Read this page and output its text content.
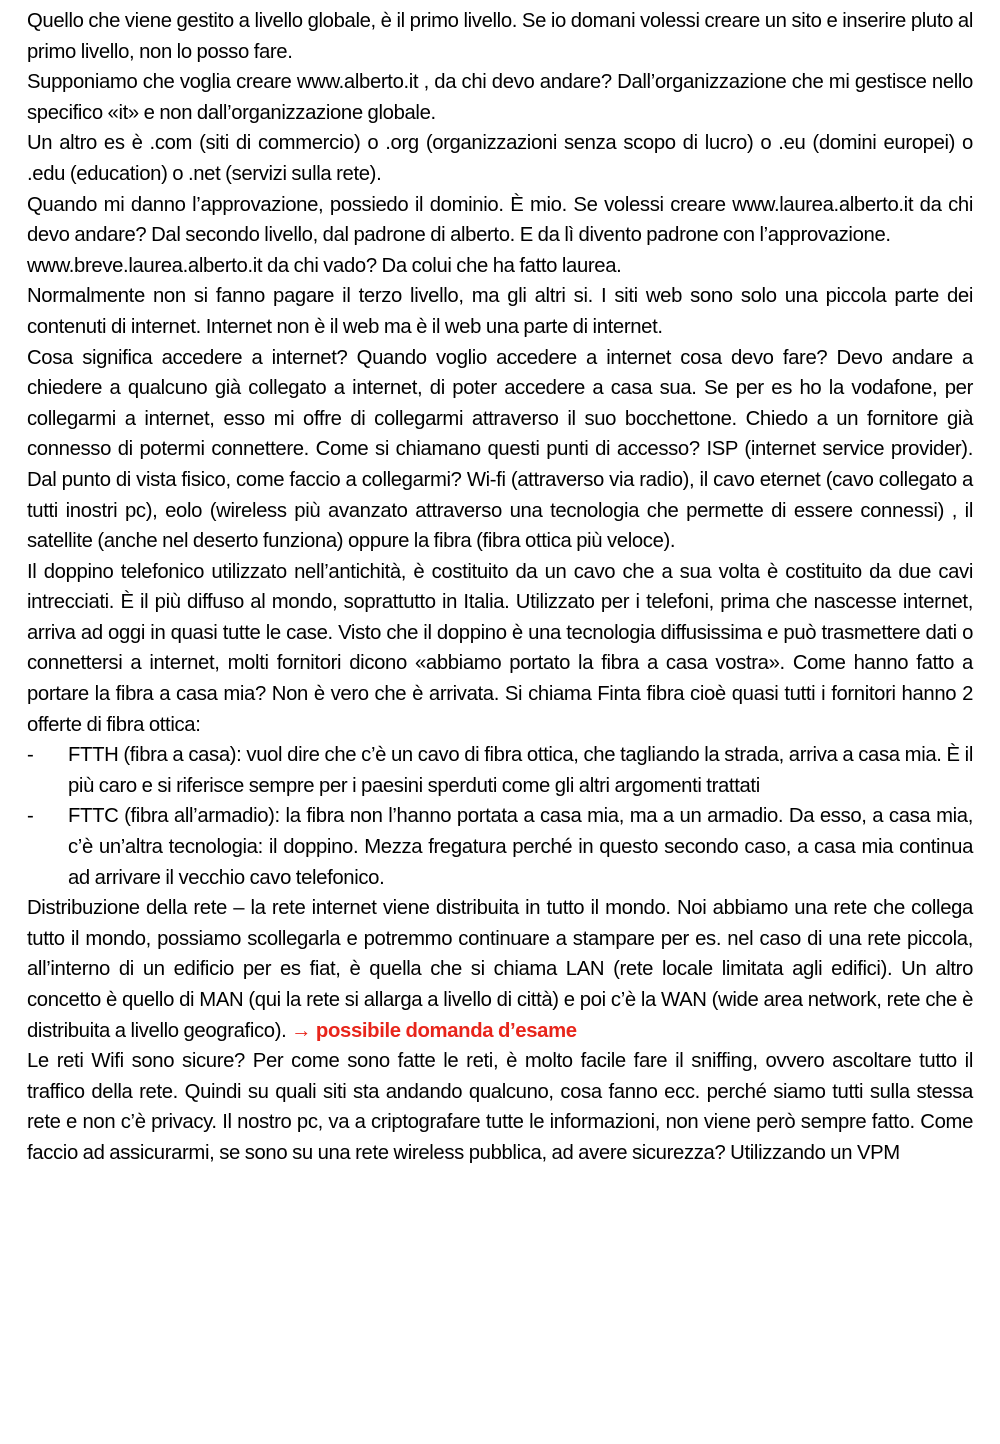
Quello che viene gestito a livello globale, è il primo livello. Se io domani volessi creare un sito e inserire pluto al primo livello, non lo posso fare.

Supponiamo che voglia creare www.alberto.it , da chi devo andare? Dall’organizzazione che mi gestisce nello specifico «it» e non dall’organizzazione globale.

Un altro es è .com (siti di commercio) o .org (organizzazioni senza scopo di lucro) o .eu (domini europei) o .edu (education) o .net (servizi sulla rete).

Quando mi danno l’approvazione, possiedo il dominio. È mio. Se volessi creare www.laurea.alberto.it da chi devo andare? Dal secondo livello, dal padrone di alberto. E da lì divento padrone con l’approvazione.

www.breve.laurea.alberto.it da chi vado? Da colui che ha fatto laurea.

Normalmente non si fanno pagare il terzo livello, ma gli altri si. I siti web sono solo una piccola parte dei contenuti di internet. Internet non è il web ma è il web una parte di internet.

Cosa significa accedere a internet? Quando voglio accedere a internet cosa devo fare? Devo andare a chiedere a qualcuno già collegato a internet, di poter accedere a casa sua. Se per es ho la vodafone, per collegarmi a internet, esso mi offre di collegarmi attraverso il suo bocchettone. Chiedo a un fornitore già connesso di potermi connettere. Come si chiamano questi punti di accesso? ISP (internet service provider). Dal punto di vista fisico, come faccio a collegarmi? Wi-fi (attraverso via radio), il cavo eternet (cavo collegato a tutti inostri pc), eolo (wireless più avanzato attraverso una tecnologia che permette di essere connessi) , il satellite (anche nel deserto funziona) oppure la fibra (fibra ottica più veloce).

Il doppino telefonico utilizzato nell’antichità, è costituito da un cavo che a sua volta è costituito da due cavi intrecciati. È il più diffuso al mondo, soprattutto in Italia. Utilizzato per i telefoni, prima che nascesse internet, arriva ad oggi in quasi tutte le case. Visto che il doppino è una tecnologia diffusissima e può trasmettere dati o connettersi a internet, molti fornitori dicono «abbiamo portato la fibra a casa vostra». Come hanno fatto a portare la fibra a casa mia? Non è vero che è arrivata. Si chiama Finta fibra cioè quasi tutti i fornitori hanno 2 offerte di fibra ottica:

- FTTH (fibra a casa): vuol dire che c’è un cavo di fibra ottica, che tagliando la strada, arriva a casa mia. È il più caro e si riferisce sempre per i paesini sperduti come gli altri argomenti trattati
- FTTC (fibra all’armadio): la fibra non l’hanno portata a casa mia, ma a un armadio. Da esso, a casa mia, c’è un’altra tecnologia: il doppino. Mezza fregatura perché in questo secondo caso, a casa mia continua ad arrivare il vecchio cavo telefonico.

Distribuzione della rete – la rete internet viene distribuita in tutto il mondo. Noi abbiamo una rete che collega tutto il mondo, possiamo scollegarla e potremmo continuare a stampare per es. nel caso di una rete piccola, all’interno di un edificio per es fiat, è quella che si chiama LAN (rete locale limitata agli edifici). Un altro concetto è quello di MAN (qui la rete si allarga a livello di città) e poi c’è la WAN (wide area network, rete che è distribuita a livello geografico). → possibile domanda d’esame

Le reti Wifi sono sicure? Per come sono fatte le reti, è molto facile fare il sniffing, ovvero ascoltare tutto il traffico della rete. Quindi su quali siti sta andando qualcuno, cosa fanno ecc. perché siamo tutti sulla stessa rete e non c’è privacy. Il nostro pc, va a criptografare tutte le informazioni, non viene però sempre fatto. Come faccio ad assicurarmi, se sono su una rete wireless pubblica, ad avere sicurezza? Utilizzando un VPM
